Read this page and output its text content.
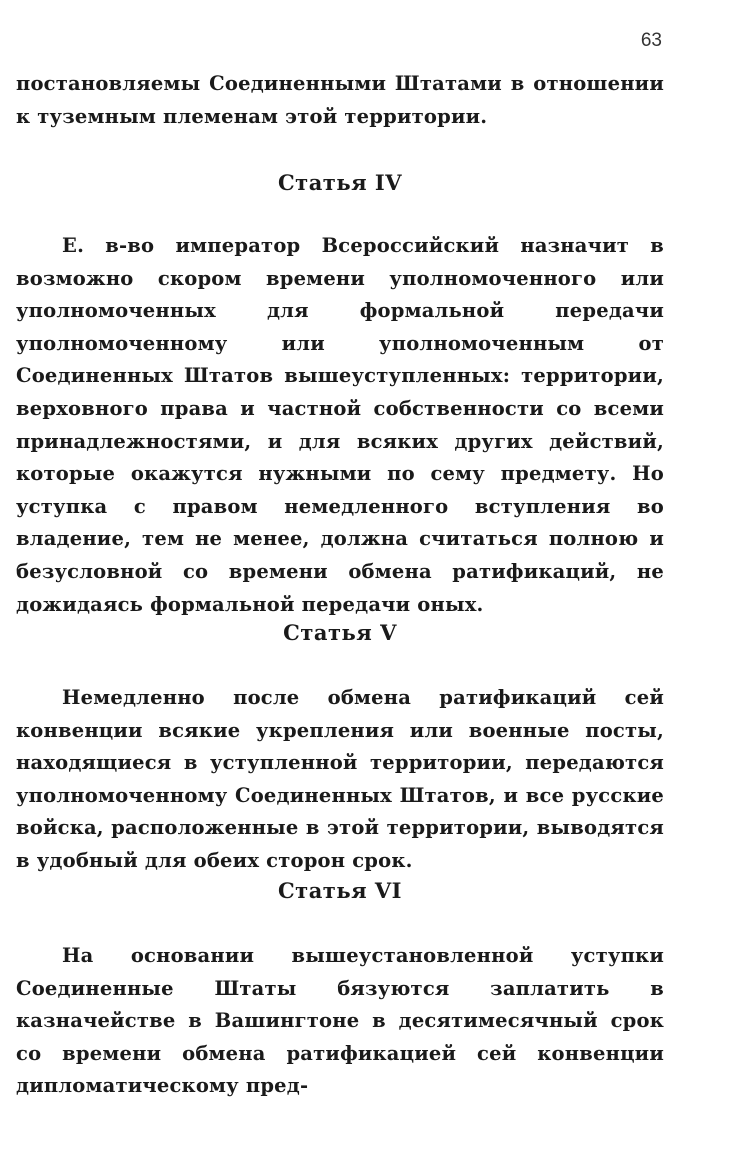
63

постановляемы Соединенными Штатами в отношении к туземным племенам этой территории.

Статья IV

Е. в-во император Всероссийский назначит в возможно скором времени уполномоченного или уполномоченных для формальной передачи уполномоченному или уполномоченным от Соединенных Штатов вышеуступленных: территории, верховного права и частной собственности со всеми принадлежностями, и для всяких других действий, которые окажутся нужными по сему предмету. Но уступка с правом немедленного вступления во владение, тем не менее, должна считаться полною и безусловной со времени обмена ратификаций, не дожидаясь формальной передачи оных.

Статья V

Немедленно после обмена ратификаций сей конвенции всякие укрепления или военные посты, находящиеся в уступленной территории, передаются уполномоченному Соединенных Штатов, и все русские войска, расположенные в этой территории, выводятся в удобный для обеих сторон срок.

Статья VI

На основании вышеустановленной уступки Соединенные Штаты бязуются заплатить в казначействе в Вашингтоне в десятимесячный срок со времени обмена ратификацией сей конвенции дипломатическому пред-
